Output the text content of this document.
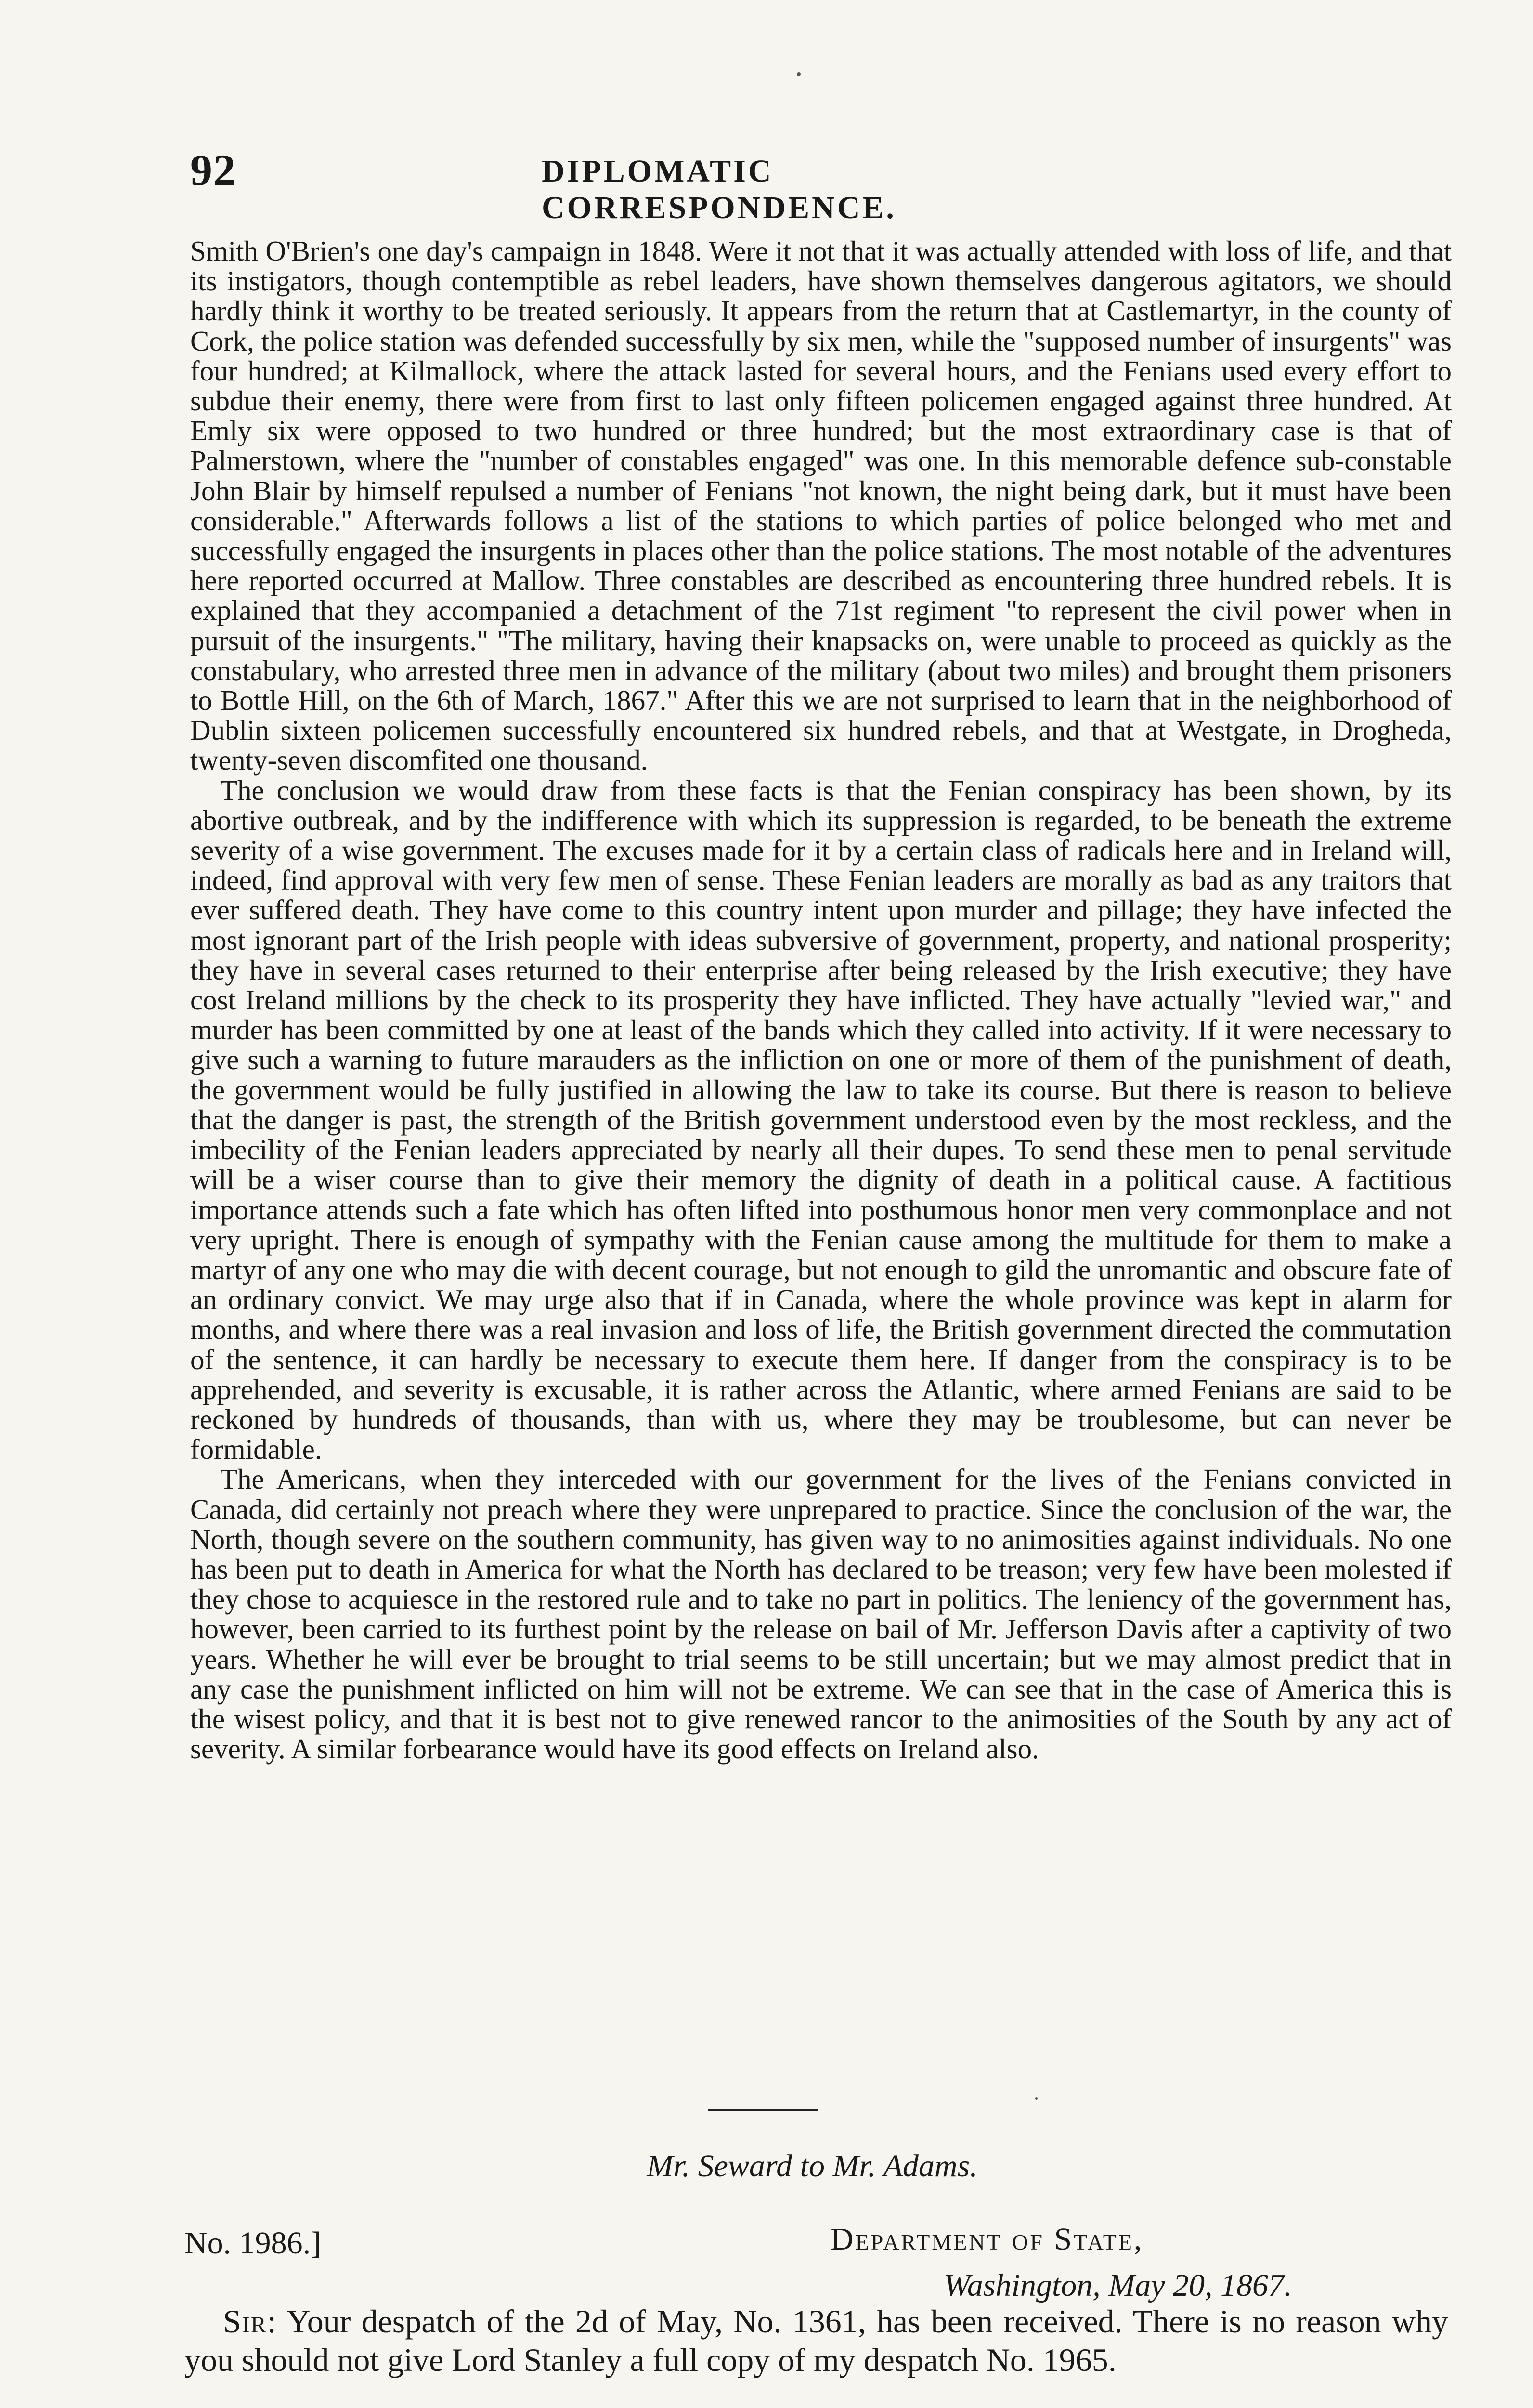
92	DIPLOMATIC CORRESPONDENCE.

Smith O'Brien's one day's campaign in 1848. Were it not that it was actually attended with loss of life, and that its instigators, though contemptible as rebel leaders, have shown themselves dangerous agitators, we should hardly think it worthy to be treated seriously. It appears from the return that at Castlemartyr, in the county of Cork, the police station was defended successfully by six men, while the "supposed number of insurgents" was four hundred; at Kilmallock, where the attack lasted for several hours, and the Fenians used every effort to subdue their enemy, there were from first to last only fifteen policemen engaged against three hundred. At Emly six were opposed to two hundred or three hundred; but the most extraordinary case is that of Palmerstown, where the "number of constables engaged" was one. In this memorable defence sub-constable John Blair by himself repulsed a number of Fenians "not known, the night being dark, but it must have been considerable." Afterwards follows a list of the stations to which parties of police belonged who met and successfully engaged the insurgents in places other than the police stations. The most notable of the adventures here reported occurred at Mallow. Three constables are described as encountering three hundred rebels. It is explained that they accompanied a detachment of the 71st regiment "to represent the civil power when in pursuit of the insurgents." "The military, having their knapsacks on, were unable to proceed as quickly as the constabulary, who arrested three men in advance of the military (about two miles) and brought them prisoners to Bottle Hill, on the 6th of March, 1867." After this we are not surprised to learn that in the neighborhood of Dublin sixteen policemen successfully encountered six hundred rebels, and that at Westgate, in Drogheda, twenty-seven discomfited one thousand.

The conclusion we would draw from these facts is that the Fenian conspiracy has been shown, by its abortive outbreak, and by the indifference with which its suppression is regarded, to be beneath the extreme severity of a wise government. The excuses made for it by a certain class of radicals here and in Ireland will, indeed, find approval with very few men of sense. These Fenian leaders are morally as bad as any traitors that ever suffered death. They have come to this country intent upon murder and pillage; they have infected the most ignorant part of the Irish people with ideas subversive of government, property, and national prosperity; they have in several cases returned to their enterprise after being released by the Irish executive; they have cost Ireland millions by the check to its prosperity they have inflicted. They have actually "levied war," and murder has been committed by one at least of the bands which they called into activity. If it were necessary to give such a warning to future marauders as the infliction on one or more of them of the punishment of death, the government would be fully justified in allowing the law to take its course. But there is reason to believe that the danger is past, the strength of the British government understood even by the most reckless, and the imbecility of the Fenian leaders appreciated by nearly all their dupes. To send these men to penal servitude will be a wiser course than to give their memory the dignity of death in a political cause. A factitious importance attends such a fate which has often lifted into posthumous honor men very commonplace and not very upright. There is enough of sympathy with the Fenian cause among the multitude for them to make a martyr of any one who may die with decent courage, but not enough to gild the unromantic and obscure fate of an ordinary convict. We may urge also that if in Canada, where the whole province was kept in alarm for months, and where there was a real invasion and loss of life, the British government directed the commutation of the sentence, it can hardly be necessary to execute them here. If danger from the conspiracy is to be apprehended, and severity is excusable, it is rather across the Atlantic, where armed Fenians are said to be reckoned by hundreds of thousands, than with us, where they may be troublesome, but can never be formidable.

The Americans, when they interceded with our government for the lives of the Fenians convicted in Canada, did certainly not preach where they were unprepared to practice. Since the conclusion of the war, the North, though severe on the southern community, has given way to no animosities against individuals. No one has been put to death in America for what the North has declared to be treason; very few have been molested if they chose to acquiesce in the restored rule and to take no part in politics. The leniency of the government has, however, been carried to its furthest point by the release on bail of Mr. Jefferson Davis after a captivity of two years. Whether he will ever be brought to trial seems to be still uncertain; but we may almost predict that in any case the punishment inflicted on him will not be extreme. We can see that in the case of America this is the wisest policy, and that it is best not to give renewed rancor to the animosities of the South by any act of severity. A similar forbearance would have its good effects on Ireland also.

Mr. Seward to Mr. Adams.
No. 1986.]	Department of State,
Washington, May 20, 1867.

Sir: Your despatch of the 2d of May, No. 1361, has been received. There is no reason why you should not give Lord Stanley a full copy of my despatch No. 1965.
